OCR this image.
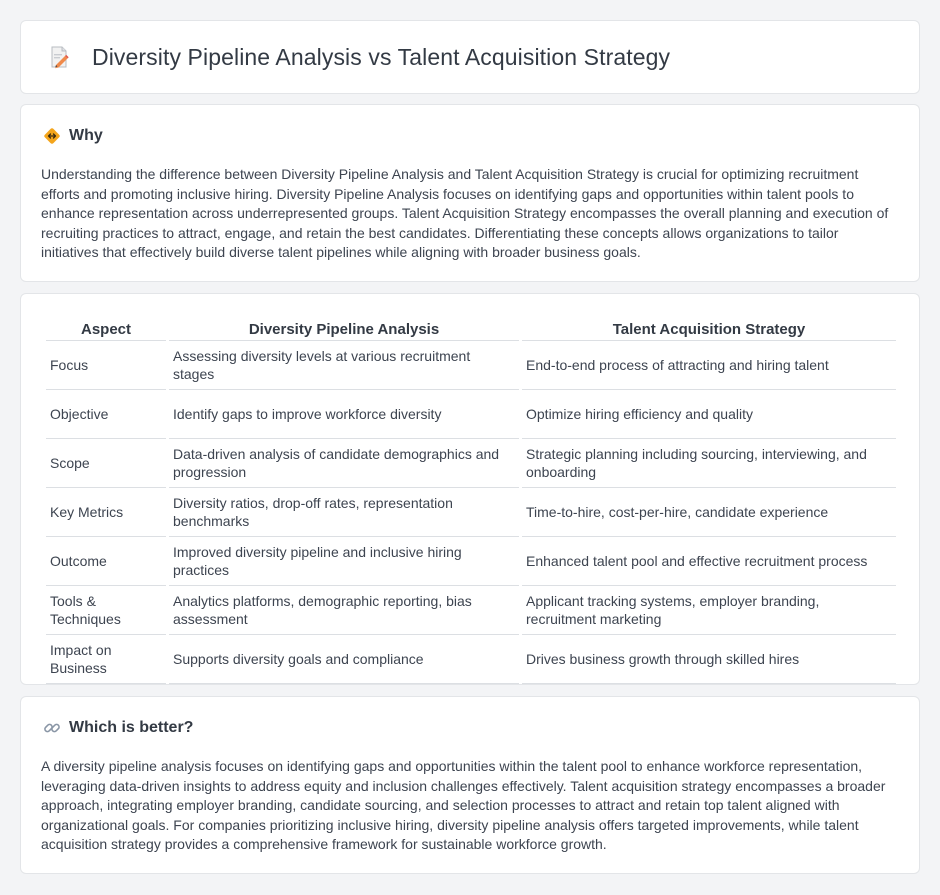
Diversity Pipeline Analysis vs Talent Acquisition Strategy
Why

Understanding the difference between Diversity Pipeline Analysis and Talent Acquisition Strategy is crucial for optimizing recruitment efforts and promoting inclusive hiring. Diversity Pipeline Analysis focuses on identifying gaps and opportunities within talent pools to enhance representation across underrepresented groups. Talent Acquisition Strategy encompasses the overall planning and execution of recruiting practices to attract, engage, and retain the best candidates. Differentiating these concepts allows organizations to tailor initiatives that effectively build diverse talent pipelines while aligning with broader business goals.

Aspect	Diversity Pipeline Analysis	Talent Acquisition Strategy
Focus	Assessing diversity levels at various recruitment stages	End-to-end process of attracting and hiring talent
Objective	Identify gaps to improve workforce diversity	Optimize hiring efficiency and quality
Scope	Data-driven analysis of candidate demographics and progression	Strategic planning including sourcing, interviewing, and onboarding
Key Metrics	Diversity ratios, drop-off rates, representation benchmarks	Time-to-hire, cost-per-hire, candidate experience
Outcome	Improved diversity pipeline and inclusive hiring practices	Enhanced talent pool and effective recruitment process
Tools & Techniques	Analytics platforms, demographic reporting, bias assessment	Applicant tracking systems, employer branding, recruitment marketing
Impact on Business	Supports diversity goals and compliance	Drives business growth through skilled hires
Which is better?

A diversity pipeline analysis focuses on identifying gaps and opportunities within the talent pool to enhance workforce representation, leveraging data-driven insights to address equity and inclusion challenges effectively. Talent acquisition strategy encompasses a broader approach, integrating employer branding, candidate sourcing, and selection processes to attract and retain top talent aligned with organizational goals. For companies prioritizing inclusive hiring, diversity pipeline analysis offers targeted improvements, while talent acquisition strategy provides a comprehensive framework for sustainable workforce growth.
